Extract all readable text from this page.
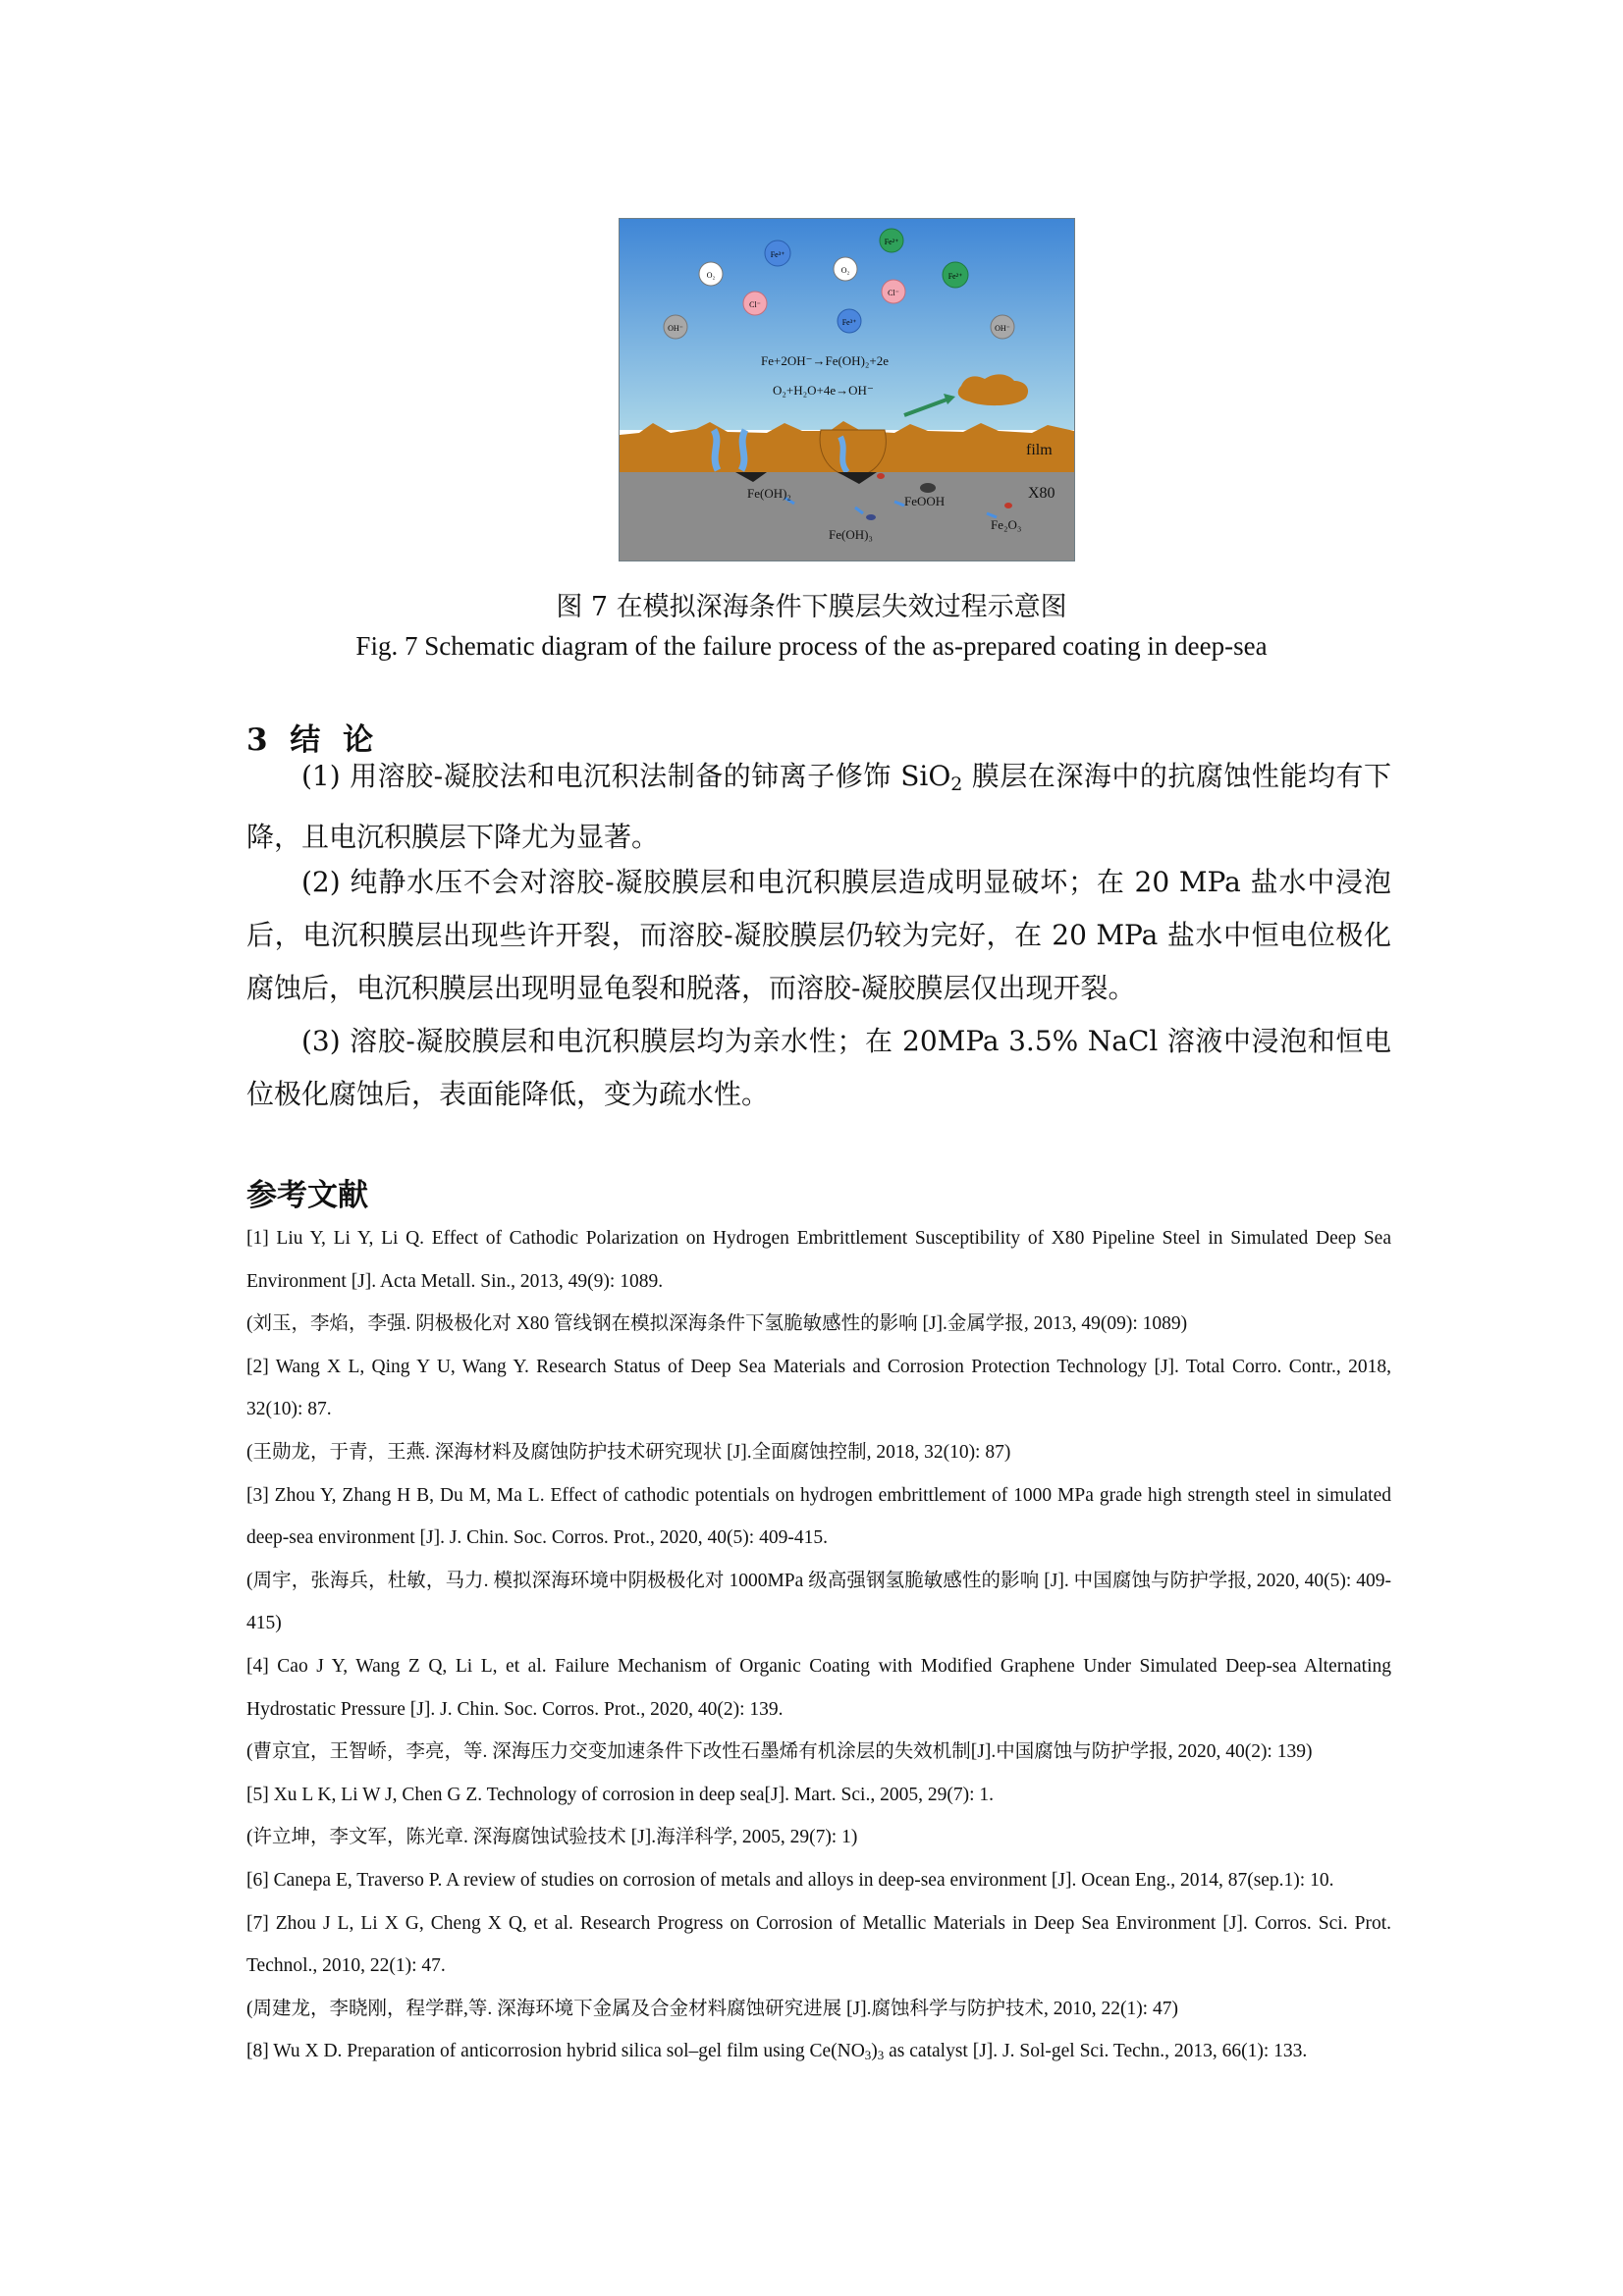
O₂
Fe³⁺
O₂
Fe²⁺
Fe³⁺
Cl⁻
Cl⁻
Fe²⁺
OH⁻	OH⁻
Fe+2OH⁻→Fe(OH)₂+2e
O₂+H₂O+4e→OH⁻
film
X80
Fe(OH)₂
FeOOH
Fe(OH)₃
Fe₂O₃
图 7 在模拟深海条件下膜层失效过程示意图
Fig. 7 Schematic diagram of the failure process of the as-prepared coating in deep-sea
3 结 论

(1) 用溶胶-凝胶法和电沉积法制备的铈离子修饰 SiO$_2$ 膜层在深海中的抗腐蚀性能均有下降，且电沉积膜层下降尤为显著。

(2) 纯静水压不会对溶胶-凝胶膜层和电沉积膜层造成明显破坏；在 20 MPa 盐水中浸泡后，电沉积膜层出现些许开裂，而溶胶-凝胶膜层仍较为完好，在 20 MPa 盐水中恒电位极化腐蚀后，电沉积膜层出现明显龟裂和脱落，而溶胶-凝胶膜层仅出现开裂。

(3) 溶胶-凝胶膜层和电沉积膜层均为亲水性；在 20MPa 3.5% NaCl 溶液中浸泡和恒电位极化腐蚀后，表面能降低，变为疏水性。

参考文献

[1] Liu Y, Li Y, Li Q. Effect of Cathodic Polarization on Hydrogen Embrittlement Susceptibility of X80 Pipeline Steel in Simulated Deep Sea Environment [J]. Acta Metall. Sin., 2013, 49(9): 1089.

(刘玉，李焰，李强. 阴极极化对 X80 管线钢在模拟深海条件下氢脆敏感性的影响 [J].金属学报, 2013, 49(09): 1089)

[2] Wang X L, Qing Y U, Wang Y. Research Status of Deep Sea Materials and Corrosion Protection Technology [J]. Total Corro. Contr., 2018, 32(10): 87.

(王勋龙，于青，王燕. 深海材料及腐蚀防护技术研究现状 [J].全面腐蚀控制, 2018, 32(10): 87)

[3] Zhou Y, Zhang H B, Du M, Ma L. Effect of cathodic potentials on hydrogen embrittlement of 1000 MPa grade high strength steel in simulated deep-sea environment [J]. J. Chin. Soc. Corros. Prot., 2020, 40(5): 409-415.

(周宇，张海兵，杜敏，马力. 模拟深海环境中阴极极化对 1000MPa 级高强钢氢脆敏感性的影响 [J]. 中国腐蚀与防护学报, 2020, 40(5): 409-415)

[4] Cao J Y, Wang Z Q, Li L, et al. Failure Mechanism of Organic Coating with Modified Graphene Under Simulated Deep-sea Alternating Hydrostatic Pressure [J]. J. Chin. Soc. Corros. Prot., 2020, 40(2): 139.

(曹京宜，王智峤，李亮，等. 深海压力交变加速条件下改性石墨烯有机涂层的失效机制[J].中国腐蚀与防护学报, 2020, 40(2): 139)

[5] Xu L K, Li W J, Chen G Z. Technology of corrosion in deep sea[J]. Mart. Sci., 2005, 29(7): 1.

(许立坤，李文军，陈光章. 深海腐蚀试验技术 [J].海洋科学, 2005, 29(7): 1)

[6] Canepa E, Traverso P. A review of studies on corrosion of metals and alloys in deep-sea environment [J]. Ocean Eng., 2014, 87(sep.1): 10.

[7] Zhou J L, Li X G, Cheng X Q, et al. Research Progress on Corrosion of Metallic Materials in Deep Sea Environment [J]. Corros. Sci. Prot. Technol., 2010, 22(1): 47.

(周建龙，李晓刚，程学群,等. 深海环境下金属及合金材料腐蚀研究进展 [J].腐蚀科学与防护技术, 2010, 22(1): 47)

[8] Wu X D. Preparation of anticorrosion hybrid silica sol–gel film using $Ce(NO_3)_3$ as catalyst [J]. J. Sol-gel Sci. Techn., 2013, 66(1): 133.
